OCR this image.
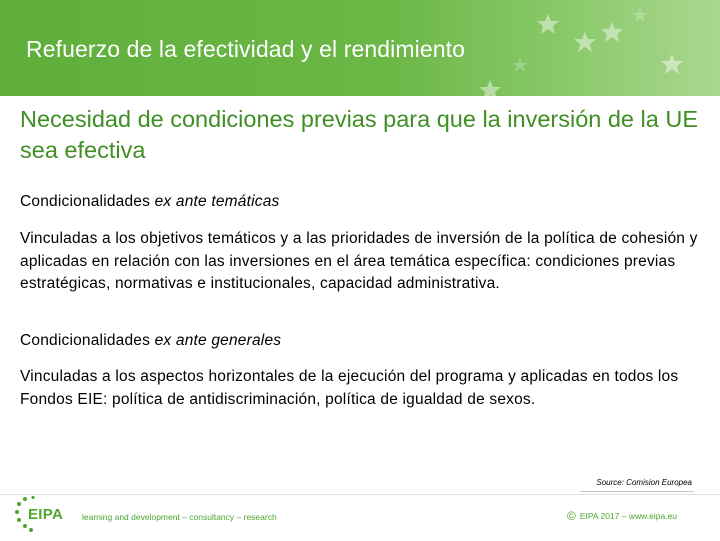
Refuerzo de la efectividad y el rendimiento
Necesidad de condiciones previas para que la inversión de la UE sea efectiva
Condicionalidades ex ante temáticas
Vinculadas a los objetivos temáticos y a las prioridades de inversión de la política de cohesión y aplicadas en relación con las inversiones en el área temática específica: condiciones previas estratégicas, normativas e institucionales, capacidad administrativa.
Condicionalidades ex ante generales
Vinculadas a los aspectos horizontales de la ejecución del programa y aplicadas en todos los Fondos EIE: política de antidiscriminación, política de igualdad de sexos.
Source: Comision Europea
EIPA learning and development – consultancy – research	© EIPA 2017 – www.eipa.eu
